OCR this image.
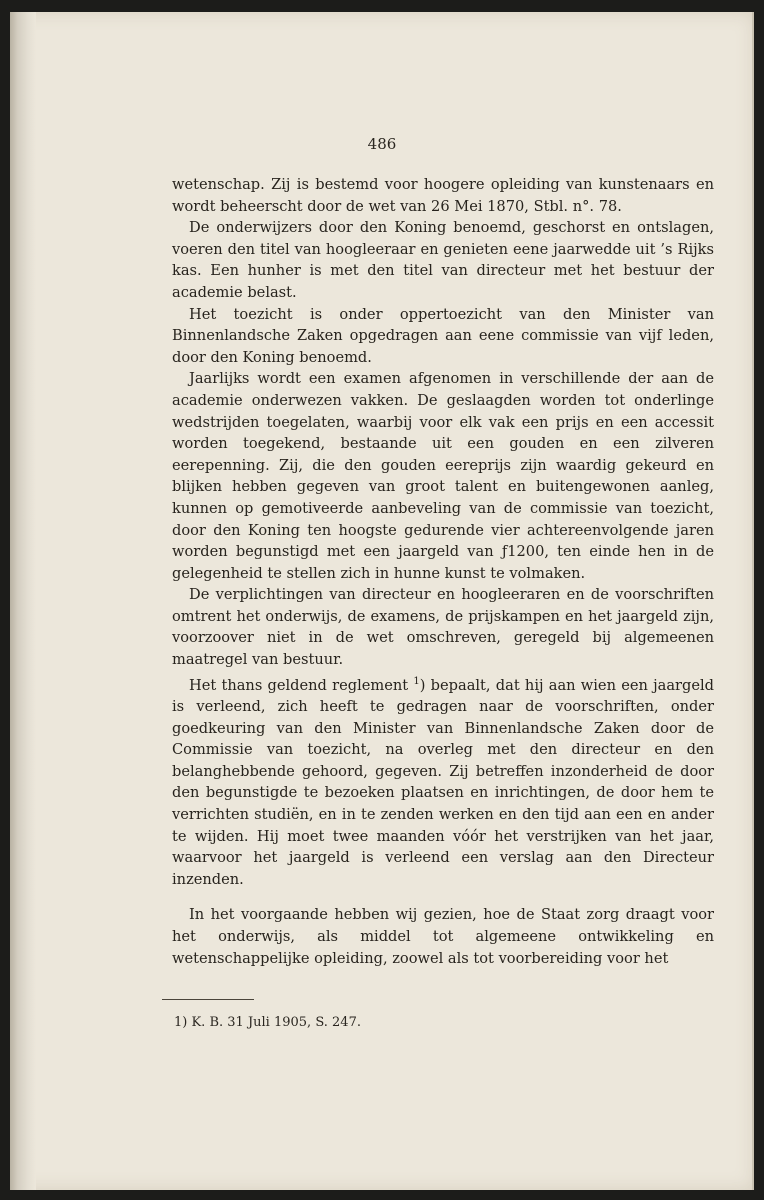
486

wetenschap. Zij is bestemd voor hoogere opleiding van kunstenaars en wordt beheerscht door de wet van 26 Mei 1870, Stbl. n°. 78.

De onderwijzers door den Koning benoemd, geschorst en ontslagen, voeren den titel van hoogleeraar en genieten eene jaarwedde uit ’s Rijks kas. Een hunher is met den titel van directeur met het bestuur der academie belast.

Het toezicht is onder oppertoezicht van den Minister van Binnenlandsche Zaken opgedragen aan eene commissie van vijf leden, door den Koning benoemd.

Jaarlijks wordt een examen afgenomen in verschillende der aan de academie onderwezen vakken. De geslaagden worden tot onderlinge wedstrijden toegelaten, waarbij voor elk vak een prijs en een accessit worden toegekend, bestaande uit een gouden en een zilveren eerepenning. Zij, die den gouden eereprijs zijn waardig gekeurd en blijken hebben gegeven van groot talent en buitengewonen aanleg, kunnen op gemotiveerde aanbeveling van de commissie van toezicht, door den Koning ten hoogste gedurende vier achtereenvolgende jaren worden begunstigd met een jaargeld van ƒ1200, ten einde hen in de gelegenheid te stellen zich in hunne kunst te volmaken.

De verplichtingen van directeur en hoogleeraren en de voorschriften omtrent het onderwijs, de examens, de prijskampen en het jaargeld zijn, voorzoover niet in de wet omschreven, geregeld bij algemeenen maatregel van bestuur.

Het thans geldend reglement $^1$) bepaalt, dat hij aan wien een jaargeld is verleend, zich heeft te gedragen naar de voorschriften, onder goedkeuring van den Minister van Binnenlandsche Zaken door de Commissie van toezicht, na overleg met den directeur en den belanghebbende gehoord, gegeven. Zij betreffen inzonderheid de door den begunstigde te bezoeken plaatsen en inrichtingen, de door hem te verrichten studiën, en in te zenden werken en den tijd aan een en ander te wijden. Hij moet twee maanden vóór het verstrijken van het jaar, waarvoor het jaargeld is verleend een verslag aan den Directeur inzenden.

In het voorgaande hebben wij gezien, hoe de Staat zorg draagt voor het onderwijs, als middel tot algemeene ontwikkeling en wetenschappelijke opleiding, zoowel als tot voorbereiding voor het

1) K. B. 31 Juli 1905, S. 247.
